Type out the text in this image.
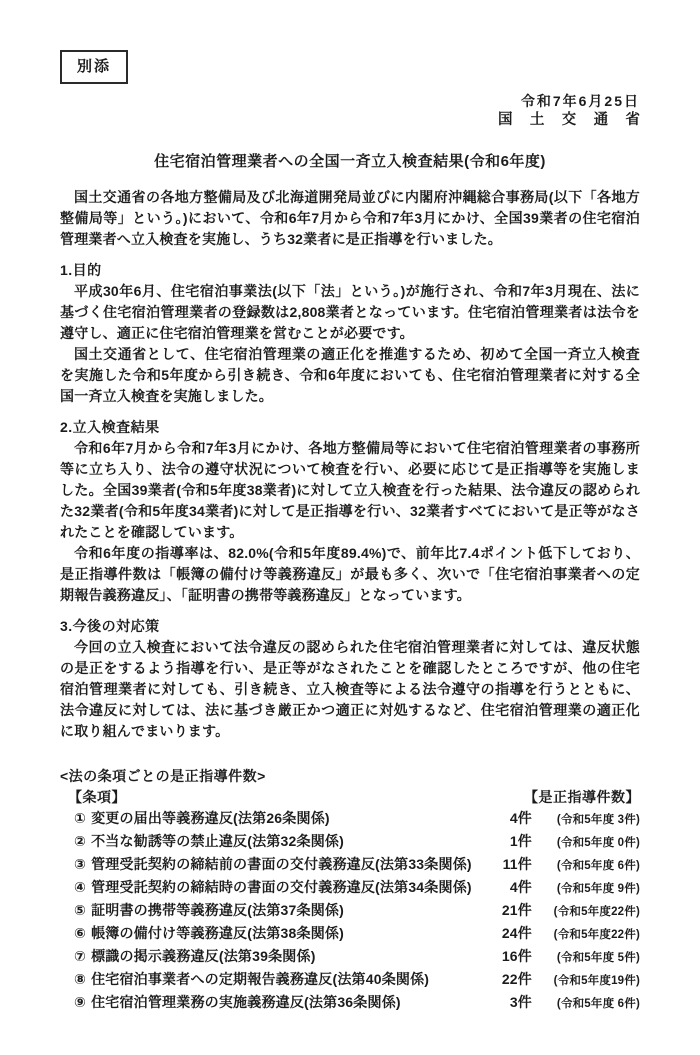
別添
令和7年6月25日
国土交通省
住宅宿泊管理業者への全国一斉立入検査結果(令和6年度)

国土交通省の各地方整備局及び北海道開発局並びに内閣府沖縄総合事務局(以下「各地方整備局等」という。)において、令和6年7月から令和7年3月にかけ、全国39業者の住宅宿泊管理業者へ立入検査を実施し、うち32業者に是正指導を行いました。

1.目的

平成30年6月、住宅宿泊事業法(以下「法」という。)が施行され、令和7年3月現在、法に基づく住宅宿泊管理業者の登録数は2,808業者となっています。住宅宿泊管理業者は法令を遵守し、適正に住宅宿泊管理業を営むことが必要です。

国土交通省として、住宅宿泊管理業の適正化を推進するため、初めて全国一斉立入検査を実施した令和5年度から引き続き、令和6年度においても、住宅宿泊管理業者に対する全国一斉立入検査を実施しました。

2.立入検査結果

令和6年7月から令和7年3月にかけ、各地方整備局等において住宅宿泊管理業者の事務所等に立ち入り、法令の遵守状況について検査を行い、必要に応じて是正指導等を実施しました。全国39業者(令和5年度38業者)に対して立入検査を行った結果、法令違反の認められた32業者(令和5年度34業者)に対して是正指導を行い、32業者すべてにおいて是正等がなされたことを確認しています。

令和6年度の指導率は、82.0%(令和5年度89.4%)で、前年比7.4ポイント低下しており、是正指導件数は「帳簿の備付け等義務違反」が最も多く、次いで「住宅宿泊事業者への定期報告義務違反」、「証明書の携帯等義務違反」となっています。

3.今後の対応策

今回の立入検査において法令違反の認められた住宅宿泊管理業者に対しては、違反状態の是正をするよう指導を行い、是正等がなされたことを確認したところですが、他の住宅宿泊管理業者に対しても、引き続き、立入検査等による法令遵守の指導を行うとともに、法令違反に対しては、法に基づき厳正かつ適正に対処するなど、住宅宿泊管理業の適正化に取り組んでまいります。

<法の条項ごとの是正指導件数>
【条項】	【是正指導件数】
① 変更の届出等義務違反(法第26条関係)	4件	(令和5年度 3件)
② 不当な勧誘等の禁止違反(法第32条関係)	1件	(令和5年度 0件)
③ 管理受託契約の締結前の書面の交付義務違反(法第33条関係)	11件	(令和5年度 6件)
④ 管理受託契約の締結時の書面の交付義務違反(法第34条関係)	4件	(令和5年度 9件)
⑤ 証明書の携帯等義務違反(法第37条関係)	21件	(令和5年度22件)
⑥ 帳簿の備付け等義務違反(法第38条関係)	24件	(令和5年度22件)
⑦ 標識の掲示義務違反(法第39条関係)	16件	(令和5年度 5件)
⑧ 住宅宿泊事業者への定期報告義務違反(法第40条関係)	22件	(令和5年度19件)
⑨ 住宅宿泊管理業務の実施義務違反(法第36条関係)	3件	(令和5年度 6件)
